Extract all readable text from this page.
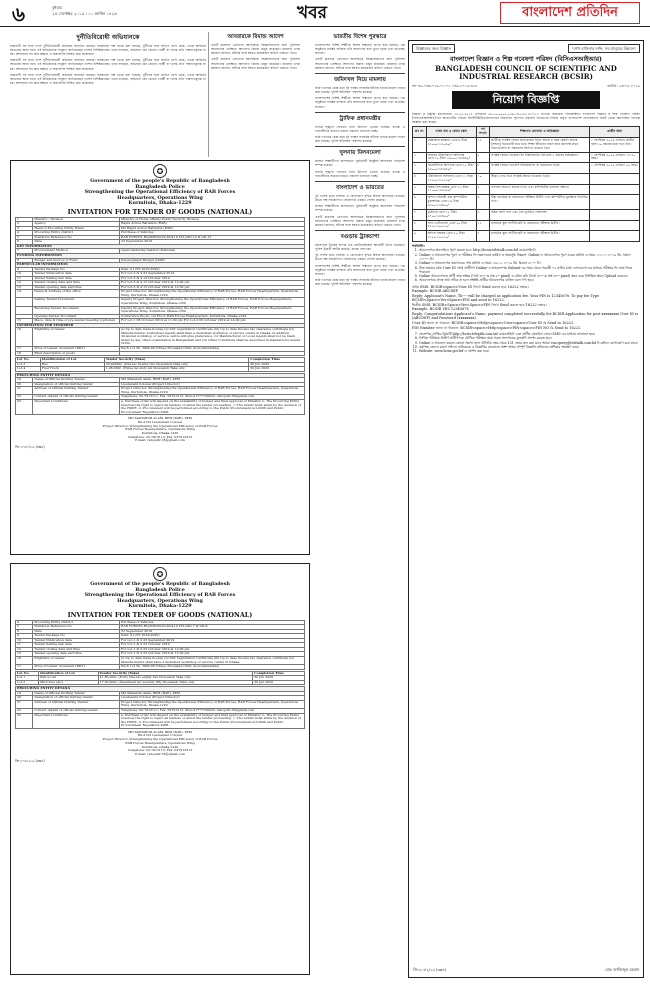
৬	বুধবার
২৫ সেপ্টেম্বর ২০১৯ । ১০ আশ্বিন ১৪২৬	খবর	বাংলাদেশ প্রতিদিন
দুর্নীতিবিরোধী অভিযানকে

রাজধানী সহ সারা দেশে দুর্নীতিবিরোধী অভিযান অব্যাহত রয়েছে। সরকারের পক্ষ থেকে বলা হয়েছে, দুর্নীতির সঙ্গে জড়িত যে-ই হোক, তাকে আইনের আওতায় আনা হবে। এই অভিযানকে সাধুবাদ জানিয়েছেন দেশের বিশিষ্টজনেরা। তারা বলছেন, অভিযান যেন কোনো গোষ্ঠী বা দলের প্রতি পক্ষপাতমূলক না হয়। প্রশাসনের সব স্তরে স্বচ্ছতা ও জবাবদিহি নিশ্চিত করা প্রয়োজন।

রাজধানী সহ সারা দেশে দুর্নীতিবিরোধী অভিযান অব্যাহত রয়েছে। সরকারের পক্ষ থেকে বলা হয়েছে, দুর্নীতির সঙ্গে জড়িত যে-ই হোক, তাকে আইনের আওতায় আনা হবে। এই অভিযানকে সাধুবাদ জানিয়েছেন দেশের বিশিষ্টজনেরা। তারা বলছেন, অভিযান যেন কোনো গোষ্ঠী বা দলের প্রতি পক্ষপাতমূলক না হয়। প্রশাসনের সব স্তরে স্বচ্ছতা ও জবাবদিহি নিশ্চিত করা প্রয়োজন।

রাজধানী সহ সারা দেশে দুর্নীতিবিরোধী অভিযান অব্যাহত রয়েছে। সরকারের পক্ষ থেকে বলা হয়েছে, দুর্নীতির সঙ্গে জড়িত যে-ই হোক, তাকে আইনের আওতায় আনা হবে। এই অভিযানকে সাধুবাদ জানিয়েছেন দেশের বিশিষ্টজনেরা। তারা বলছেন, অভিযান যেন কোনো গোষ্ঠী বা দলের প্রতি পক্ষপাতমূলক না হয়। প্রশাসনের সব স্তরে স্বচ্ছতা ও জবাবদিহি নিশ্চিত করা প্রয়োজন।

আবরারকে রিমান্ড আদেশ

একটি মামলায় গ্রেফতার আসামিকে জিজ্ঞাসাবাদের জন্য পুলিশের আবেদনের প্রেক্ষিতে আদালত রিমান্ড মঞ্জুর করেছেন। মামলার তদন্ত কর্মকর্তা জানান, ঘটনার সঙ্গে আরও কয়েকজন জড়িত থাকতে পারে।

একটি মামলায় গ্রেফতার আসামিকে জিজ্ঞাসাবাদের জন্য পুলিশের আবেদনের প্রেক্ষিতে আদালত রিমান্ড মঞ্জুর করেছেন। মামলার তদন্ত কর্মকর্তা জানান, ঘটনার সঙ্গে আরও কয়েকজন জড়িত থাকতে পারে।

ভারতীয় বিশেষ পুরস্কারে

বাংলাদেশের বিশিষ্ট শিল্পীকে বিশেষ সম্মাননা প্রদান করা হয়েছে। এক অনুষ্ঠানে সংশ্লিষ্ট ব্যক্তিরা তাঁর অবদানের কথা তুলে ধরেন এবং শুভেচ্ছা জানান।

একটি মামলায় গ্রেফতার আসামিকে জিজ্ঞাসাবাদের জন্য পুলিশের আবেদনের প্রেক্ষিতে আদালত রিমান্ড মঞ্জুর করেছেন। মামলার তদন্ত কর্মকর্তা জানান, ঘটনার সঙ্গে আরও কয়েকজন জড়িত থাকতে পারে।

জমিদখল নিয়ে মামলায়

জমি দখলকে কেন্দ্র করে দুই পক্ষের সংঘর্ষের ঘটনায় থানায় মামলা দায়ের করা হয়েছে। পুলিশ ঘটনাস্থল পরিদর্শন করেছে।

বাংলাদেশের বিশিষ্ট শিল্পীকে বিশেষ সম্মাননা প্রদান করা হয়েছে। এক অনুষ্ঠানে সংশ্লিষ্ট ব্যক্তিরা তাঁর অবদানের কথা তুলে ধরেন এবং শুভেচ্ছা জানান।

ট্রাফিক প্রধানমন্ত্রীর

সড়কে শৃঙ্খলা ফেরাতে নানা উদ্যোগ নেওয়া হয়েছে। চালক ও পথচারীদের সচেতন করতে প্রচারণা চালানো হচ্ছে।

জমি দখলকে কেন্দ্র করে দুই পক্ষের সংঘর্ষের ঘটনায় থানায় মামলা দায়ের করা হয়েছে। পুলিশ ঘটনাস্থল পরিদর্শন করেছে।

খুলনায় মিলনমেলা

প্রাক্তন শিক্ষার্থীদের অংশগ্রহণে পুনর্মিলনী অনুষ্ঠান আনন্দঘন পরিবেশে সম্পন্ন হয়েছে।

সড়কে শৃঙ্খলা ফেরাতে নানা উদ্যোগ নেওয়া হয়েছে। চালক ও পথচারীদের সচেতন করতে প্রচারণা চালানো হচ্ছে।

বাংলাদেশ ও ভারতের

দুই দেশের মধ্যে বাণিজ্য ও যোগাযোগ বৃদ্ধির বিষয়ে আলোচনা হয়েছে। উভয় পক্ষ সহযোগিতা জোরদারে একমত পোষণ করেছে।

প্রাক্তন শিক্ষার্থীদের অংশগ্রহণে পুনর্মিলনী অনুষ্ঠান আনন্দঘন পরিবেশে সম্পন্ন হয়েছে।

একটি মামলায় গ্রেফতার আসামিকে জিজ্ঞাসাবাদের জন্য পুলিশের আবেদনের প্রেক্ষিতে আদালত রিমান্ড মঞ্জুর করেছেন। মামলার তদন্ত কর্মকর্তা জানান, ঘটনার সঙ্গে আরও কয়েকজন জড়িত থাকতে পারে।

বগুড়ায় ট্রাকচাপা

মহাসড়কে ট্রাকের চাপায় এক মোটরসাইকেল আরোহী নিহত হয়েছেন। পুলিশ ট্রাকটি আটক করেছে, চালক পলাতক।

দুই দেশের মধ্যে বাণিজ্য ও যোগাযোগ বৃদ্ধির বিষয়ে আলোচনা হয়েছে। উভয় পক্ষ সহযোগিতা জোরদারে একমত পোষণ করেছে।

বাংলাদেশের বিশিষ্ট শিল্পীকে বিশেষ সম্মাননা প্রদান করা হয়েছে। এক অনুষ্ঠানে সংশ্লিষ্ট ব্যক্তিরা তাঁর অবদানের কথা তুলে ধরেন এবং শুভেচ্ছা জানান।

জমি দখলকে কেন্দ্র করে দুই পক্ষের সংঘর্ষের ঘটনায় থানায় মামলা দায়ের করা হয়েছে। পুলিশ ঘটনাস্থল পরিদর্শন করেছে।

✪
Government of the people's Republic of Bangladesh
Bangladesh Police
Strengthening the Operational Efficiency of RAB Forces
Headquarters, Operations Wing
Kurmitola, Dhaka-1229
INVITATION FOR TENDER OF GOODS (NATIONAL)
1	Ministry / Division	Ministry of Home Affairs/ Public Security Division
2	Agency	Rapid Action Battalion (RAB)
3	Head of Procuring Entity Name	DG Rapid Action Battalion (RAB)
4	Procuring Entity District	Purchase of Vehicles
5	Invitation Reference No	RAB FORCES HQ/DPP/2019-20/411(181)/GD-14 & GD-15
6	Date	23 September 2019
KEY INFORMATION		
7	Procurement Method	Open tendering method (National)
FUNDING INFORMATION		
8	Budget and Source of Fund	Development Budget (GOB)
PARTICULAR INFORMATION		
9	Tender Package No	Item: 01 (FY 2019-2020)
10	Tender Publication date	For Lot-3 & 4 23 September 2019
11	Tender Selling last date	For Lot-3 & 4 14 October 2019
12	Tender closing date and time	For Lot-3 & 4 15 October 2019 at 12.00 pm
13	Tender opening date and time	For Lot-3 & 4 15 October 2019 at 12.30 pm
14	Name & Address of the office	Project Director, Strengthening the Operational Efficiency of RAB Forces, RAB Forces Headquarters, Operations Wing, Kurmitola, Dhaka-1229
	Selling Tender Document	Deputy Project Director, Strengthening the Operational Efficiency of RAB Forces, RAB Forces Headquarters, Operations Wing, Kurmitola, Dhaka-1229
	Receiving Tender Document	Deputy Project Director, Strengthening the Operational Efficiency of RAB Forces, RAB Forces Headquarters, Operations Wing, Kurmitola, Dhaka-1229
	Opening Tender Document	Conference Room, 1st Floor, RAB Forces Headquarters, Kurmitola, Dhaka-1229
15	Place, date & time of pre-tender meeting (optional)	For Lot-1 06 October 2019 at 11.00 pm For Lot-2 06 October 2019 at 14.00 pm
INFORMATION FOR TENDERER		
16	Eligibility of tender	(i) Up to date trade license (ii) VAT registration Certificate (iii) Up to date income tax clearance certificate (iv) Manufacturers/ Authorized Agents shall have a dedicated workshop or service centre in Dhaka. In addition divisional workshop or service centre will give preference. (v) Manufacturer or Local Agents shall not be black listed by any other organization in Bangladesh and (vi) Other Conditions shall be described in standard document (STD).
17	Price of tender document (BDT)	Each Lot Tk. 3000.00 (Three Thousand) Only (non-refundable)
18	Brief description of goods	
Lot No	Identification of Lot	Tender Security (Taka)	Completion Time
Lot-3	Bus	22,00000/- (One lac twenty two thousand) Taka only	30 Jun 2020
Lot-4	Fuel Truck	1,06,000/- (Three lac sixty six thousand) Taka only	30 Jun 2020
PROCURING ENTITY DETAILS		
19	Name of Official Inviting Tender	Md Mahabub Alam, BPM (BAR), PPM
20	Designation of official inviting tender	Lieutenant Colonel (Project Director)
21	Address of Official Inviting Tender	Project Director, Strengthening the Operational Efficiency of RAB Forces, RAB Forces Headquarters, Operations Wing, Kurmitola, Dhaka-1229
22	Contact details of official inviting tender	Telephone: 02-7913111, Fax: 02791313, Mob-01777720022, rabopdir.18@gmail.com
23	Important Conditions	a. Purchase order will depend on the availability of budget and final approval of Ministry. b. The Procuring Entity reserves the right to reject all tenders or annul the tender proceeding. c. The bidder must abide by the decision of the HOPE. d. Procurement will be performed according to the Public Procurement Act-2006 and Public Procurement Regulation 2008.
MD MAHABUB ALAM, BPM (BAR), PPM
BA-3122 Lieutenant Colonel
Project Director, Strengthening the Operational Efficiency of RAB Forces
RAB Forces Headquarters, Operations Wing
Kurmitola, Dhaka-1229
Telephone: 02-7913113, Fax: 027913313
E-mail: rabopdir.18@gmail.com
জি-২০৬০/১৯ (৩x৪)
✪
Government of the people's Republic of Bangladesh
Bangladesh Police
Strengthening the Operational Efficiency of RAB Forces
Headquarters, Operations Wing
Kurmitola, Dhaka-1229
INVITATION FOR TENDER OF GOODS (NATIONAL)
4	Procuring Entity District	Purchase of Vehicles
5	Invitation Reference No	RAB FORCES HQ/DPP/2019-20/411(181)/GD-7 & GD-8
6	Date	23 September 2019
9	Tender Package No	Item: 01 (FY 2019-2020)
10	Tender Publication date	For Lot-1 & 2 23 September 2019
11	Tender Selling last date	For Lot-1 & 2 22 October 2019
12	Tender closing date and time	For Lot-1 & 2 23 October 2019 at 12.00 pm
13	Tender opening date and time	For Lot-1 & 2 23 October 2019 at 12.30 pm
16	Eligibility of tender	(i) Up to date trade license (ii) VAT registration Certificate (iii) Up to date income tax clearance certificate (iv) Manufacturers shall have a dedicated workshop or service centre in Dhaka.
17	Price of tender document (BDT)	Each Lot Tk. 3000.00 (Three Thousand) Only (non-refundable)
Lot No	Identification of Lot	Tender Security (Taka)	Completion Time
Lot-1	Patrol Car	41,85,000/- (Forty One lac eighty five thousand) Taka only	30 Jun 2020
Lot-2	Microbus (AC)	17,50,000/- (Seventeen lac seventy fifty thousand) Taka only	30 Jun 2020
PROCURING ENTITY DETAILS		
19	Name of Official Inviting Tender	Md Mahabub Alam, BPM (BAR), PPM
20	Designation of official inviting tender	Lieutenant Colonel (Project Director)
21	Address of Official Inviting Tender	Project Director, Strengthening the Operational Efficiency of RAB Forces, RAB Forces Headquarters, Operations Wing, Kurmitola, Dhaka-1229
22	Contact details of official inviting tender	Telephone: 02-7913111, Fax: 02791313, Mob-01777720022, rabopdir.18@gmail.com
23	Important Conditions	a. Purchase order will depend on the availability of budget and final approval of Ministry. b. The Procuring Entity reserves the right to reject all tenders or annul the tender proceeding. c. The bidder must abide by the decision of the HOPE. d. Procurement will be performed according to the Public Procurement Act-2006 and Public Procurement Regulation 2008.
MD MAHABUB ALAM, BPM (BAR), PPM
BA-3122 Lieutenant Colonel
Project Director, Strengthening the Operational Efficiency of RAB Forces
RAB Forces Headquarters, Operations Wing
Kurmitola, Dhaka-1229
Telephone: 02-7913113, Fax: 027913313
E-mail: rabopdir.18@gmail.com
জি-২০৬১/১৯ (৩x৪)
বিজ্ঞানের জন্য বিজ্ঞান	"শেখ হাসিনার দর্শন, সব মানুষের উন্নয়ন"
বাংলাদেশ বিজ্ঞান ও শিল্প গবেষণা পরিষদ (বিসিএসআইআর)
BANGLADESH COUNCIL OF SCIENTIFIC AND INDUSTRIAL RESEARCH (BCSIR)
নং- ৩৯.০৩৩.০২৬.০১.০১.০৩৯.২০১৯-৩১৪	তারিখ: ২৩-০৯-২০১৯
নিয়োগ বিজ্ঞপ্তি

বিজ্ঞান ও প্রযুক্তি মন্ত্রণালয়ের ২৩.০৫.২০১৮ তারিখের ৩৯.০০.০০০০.০২৬.১৪.০৩৩.১৮-৩১৩ সংখ্যক স্মারকের পরিপ্রেক্ষিতে বাংলাদেশ বিজ্ঞান ও শিল্প গবেষণা পরিষদ (বিসিএসআইআর)-এর আওতাধীন বিভিন্ন ইনস্টিটিউট/গবেষণাগারে নিম্নবর্ণিত শূন্যপদে সরাসরি নিয়োগের নিমিত্ত প্রকৃত বাংলাদেশি নাগরিকদের নিকট থেকে অনলাইনে দরখাস্ত আহ্বান করা যাচ্ছে।

ক্রঃ নং	পদের নাম ও বেতন স্কেল	পদ সংখ্যা	শিক্ষাগত যোগ্যতা ও অভিজ্ঞতা	প্রার্থীর বয়স
১	বৈজ্ঞানিক কর্মকর্তা গ্রেড-৯ টাকা ২২০০০-৫৩০৬০/-	১৫	প্রার্থীকে সংশ্লিষ্ট বিষয়ে স্নাতকোত্তর ডিগ্রি অথবা ৪ বছর মেয়াদি স্নাতক (সম্মান) ডিগ্রিধারী হতে হবে। শিক্ষা জীবনের সকল স্তরে কমপক্ষে প্রথম বিভাগ/শ্রেণি বা সমমানের জিপিএ থাকতে হবে।	১ সেপ্টেম্বর ২০১৯ তারিখে প্রার্থীর বয়স ৩০ বছরের মধ্যে হতে হবে।
২	সিনিয়র টেকনিক্যাল অফিসার গ্রেড-১০ টাকা ১৬০০০-৩৮৬৪০/-	৫	সংশ্লিষ্ট বিষয়ে ডিপ্লোমা ইন ইঞ্জিনিয়ারিং ডিগ্রিসহ ৫ বছরের অভিজ্ঞতা।	১ সেপ্টেম্বর ২০১৯ তারিখে ১৮-৩০ বছর।
৩	সায়েন্টিফিক অফিসার গ্রেড-১০ টাকা ১৬০০০-৩৮৬৪০/-	৮	সংশ্লিষ্ট বিষয়ে বিএসসি ইঞ্জিনিয়ারিং বা সমমানের ডিগ্রি।	১ সেপ্টেম্বর ২০১৯ তারিখে ৩০ বছর।
৪	টেকনিক্যাল অফিসার গ্রেড-১১ টাকা ১২৫০০-৩০২৩০/-	১০	স্বীকৃত বোর্ড হতে সংশ্লিষ্ট বিষয়ে ডিপ্লোমা ডিগ্রি।	
৫	প্রকল্প হিসাবরক্ষক গ্রেড-১৩ টাকা ১১০০০-২৬৫৯০/-	২	বাণিজ্য বিভাগে স্নাতক ডিগ্রি এবং কম্পিউটার চালনায় দক্ষতা।	
৬	অফিস সহকারী কাম কম্পিউটার মুদ্রাক্ষরিক গ্রেড-১৬ টাকা ৯৩০০-২২৪৯০/-	৬	উচ্চ মাধ্যমিক বা সমমানের পরীক্ষায় উত্তীর্ণ এবং কম্পিউটার মুদ্রাক্ষরে নির্ধারিত গতি।	
৭	ড্রাইভার গ্রেড-১৫ টাকা ৯৭০০-২৩৪৯০/-	৩	অষ্টম শ্রেণি পাস এবং বৈধ ড্রাইভিং লাইসেন্স।	
৮	ল্যাব এটেনডেন্ট গ্রেড-২০ টাকা ৮২৫০-২০০১০/-	১২	মাধ্যমিক স্কুল সার্টিফিকেট বা সমমানের পরীক্ষায় উত্তীর্ণ।	
৯	অফিস সহায়ক গ্রেড-২০ টাকা ৮২৫০-২০০১০/-	৭	মাধ্যমিক স্কুল সার্টিফিকেট বা সমমানের পরীক্ষায় উত্তীর্ণ।	
শর্তাবলি:
1. আবেদনপত্র অনলাইনে পূরণ করতে হবে: http://bcsir.teletalk.com.bd ওয়েবসাইটে।
2. Online-এ আবেদনপত্র পূরণ ও পরীক্ষার ফি জমাদানের তারিখ ও সময়সূচি নিম্নরূপ: Online-এ আবেদনপত্র পূরণ শুরুর তারিখ ও সময়: ২৭.১০.২০১৯ খ্রি. সকাল ১০:০০ টা।
3. Online-এ আবেদনপত্র জমাদানের শেষ তারিখ ও সময়: ২৬.১১.২০১৯ খ্রি. বিকাল ৫:০০ টা।
4. উক্ত সময়ের মধ্যে User ID প্রাপ্ত প্রার্থীগণ Online-এ আবেদনপত্র Submit-এর সময় থেকে পরবর্তী ৭২ ঘণ্টার মধ্যে এসএমএস-এর মাধ্যমে পরীক্ষার ফি জমা দিতে পারবেন।
5. Online আবেদনপত্রে প্রার্থী তার স্বাক্ষর (দৈর্ঘ্য ৩০০ x প্রস্থ ৮০ pixel) ও রঙিন ছবি (দৈর্ঘ্য ৩০০ x প্রস্থ ৩০০ pixel) স্ক্যান করে নির্ধারিত স্থানে Upload করবেন।
6. আবেদনপত্রে প্রদত্ত তথ্য সঠিক না হলে সংশ্লিষ্ট প্রার্থীর আবেদনপত্র বাতিল বলে গণ্য হবে।
প্রথম SMS: BCSIR<space>User ID লিখে Send করতে হবে 16222 নম্বরে।
Example: BCSIR ABCDEF
Reply: Applicant's Name, Tk---- will be charged as application fee. Your PIN is 12345678. To pay fee Type BCSIR<Space>Yes<Space>PIN and send to 16222.
দ্বিতীয় SMS: BCSIR<Space>Yes<Space>PIN লিখে Send করতে হবে 16222 নম্বরে।
Example: BCSIR YES 12345678
Reply: Congratulations Applicant's Name, payment completed successfully for BCSIR Application for post xxxxxxxxx User ID is (ABCDEF) and Password (xxxxxxxx).
User ID জানা না থাকলে: BCSIR<space>Help<space>User<space>User ID & Send to 16222.
PIN Number জানা না থাকলে: BCSIR<space>Help<space>PIN<space>PIN NO & Send to 16222.
7. প্রবেশপত্র প্রাপ্তির বিষয়টি http://bcsir.teletalk.com.bd ওয়েবসাইটে এবং প্রার্থীর মোবাইল ফোনে SMS-এর মাধ্যমে জানানো হবে।
8. লিখিত পরীক্ষায় উত্তীর্ণ প্রার্থীগণকে মৌখিক পরীক্ষার সময় সকল সনদপত্রের মূলকপি প্রদর্শন করতে হবে।
9. Online-এ আবেদন করতে কোনো সমস্যা হলে টেলিটক নম্বর থেকে 121 নম্বরে কল করা যাবে অথবা vas.query@teletalk.com.bd ই-মেইলে যোগাযোগ করা যাবে।
10. কর্তৃপক্ষ কোনো কারণ দর্শানো ব্যতিরেকে এ বিজ্ঞপ্তির যেকোনো অংশ অথবা সম্পূর্ণ বিজ্ঞপ্তি বাতিলের অধিকার সংরক্ষণ করে।
11. Website: www.bcsir.gov.bd-এ প্রদর্শন করা হবে।
জি-২০৮২/১৯ (৩x৪)	মোঃ আজিজুল রহমান
